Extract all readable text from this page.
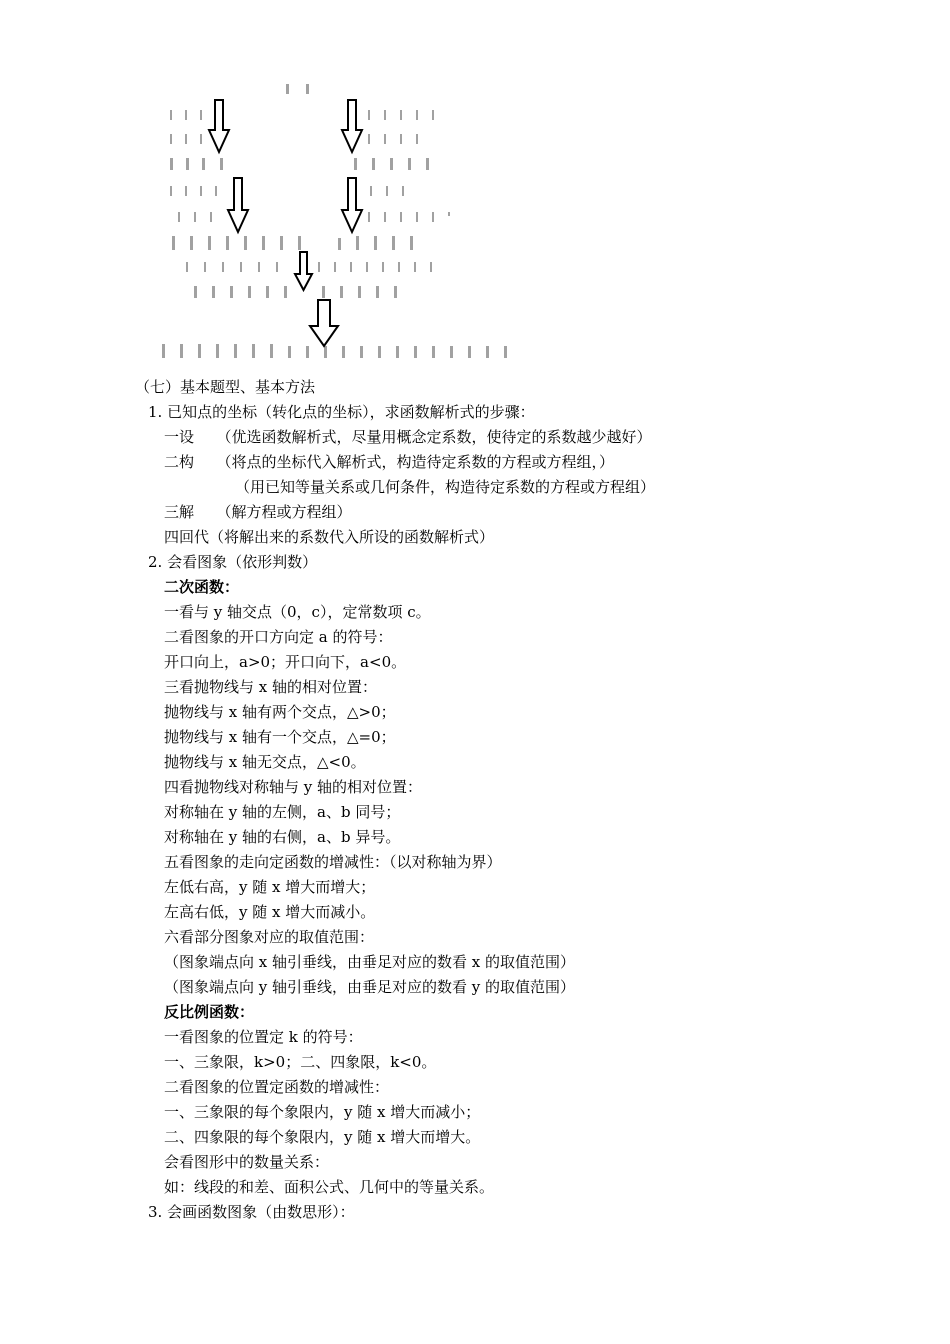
（七）基本题型、基本方法
1. 已知点的坐标（转化点的坐标），求函数解析式的步骤：
一设　　（优选函数解析式，尽量用概念定系数，使待定的系数越少越好）
二构　　（将点的坐标代入解析式，构造待定系数的方程或方程组，）
（用已知等量关系或几何条件，构造待定系数的方程或方程组）
三解　　（解方程或方程组）
四回代（将解出来的系数代入所设的函数解析式）
2. 会看图象（依形判数）
二次函数：
一看与 y 轴交点（0，c），定常数项 c。
二看图象的开口方向定 a 的符号：
开口向上，a>0；开口向下，a<0。
三看抛物线与 x 轴的相对位置：
抛物线与 x 轴有两个交点，△>0；
抛物线与 x 轴有一个交点，△=0；
抛物线与 x 轴无交点，△<0。
四看抛物线对称轴与 y 轴的相对位置：
对称轴在 y 轴的左侧，a、b 同号；
对称轴在 y 轴的右侧，a、b 异号。
五看图象的走向定函数的增减性：（以对称轴为界）
左低右高，y 随 x 增大而增大；
左高右低，y 随 x 增大而减小。
六看部分图象对应的取值范围：
（图象端点向 x 轴引垂线，由垂足对应的数看 x 的取值范围）
（图象端点向 y 轴引垂线，由垂足对应的数看 y 的取值范围）
反比例函数：
一看图象的位置定 k 的符号：
一、三象限，k>0；二、四象限，k<0。
二看图象的位置定函数的增减性：
一、三象限的每个象限内，y 随 x 增大而减小；
二、四象限的每个象限内，y 随 x 增大而增大。
会看图形中的数量关系：
如：线段的和差、面积公式、几何中的等量关系。
3. 会画函数图象（由数思形）：
